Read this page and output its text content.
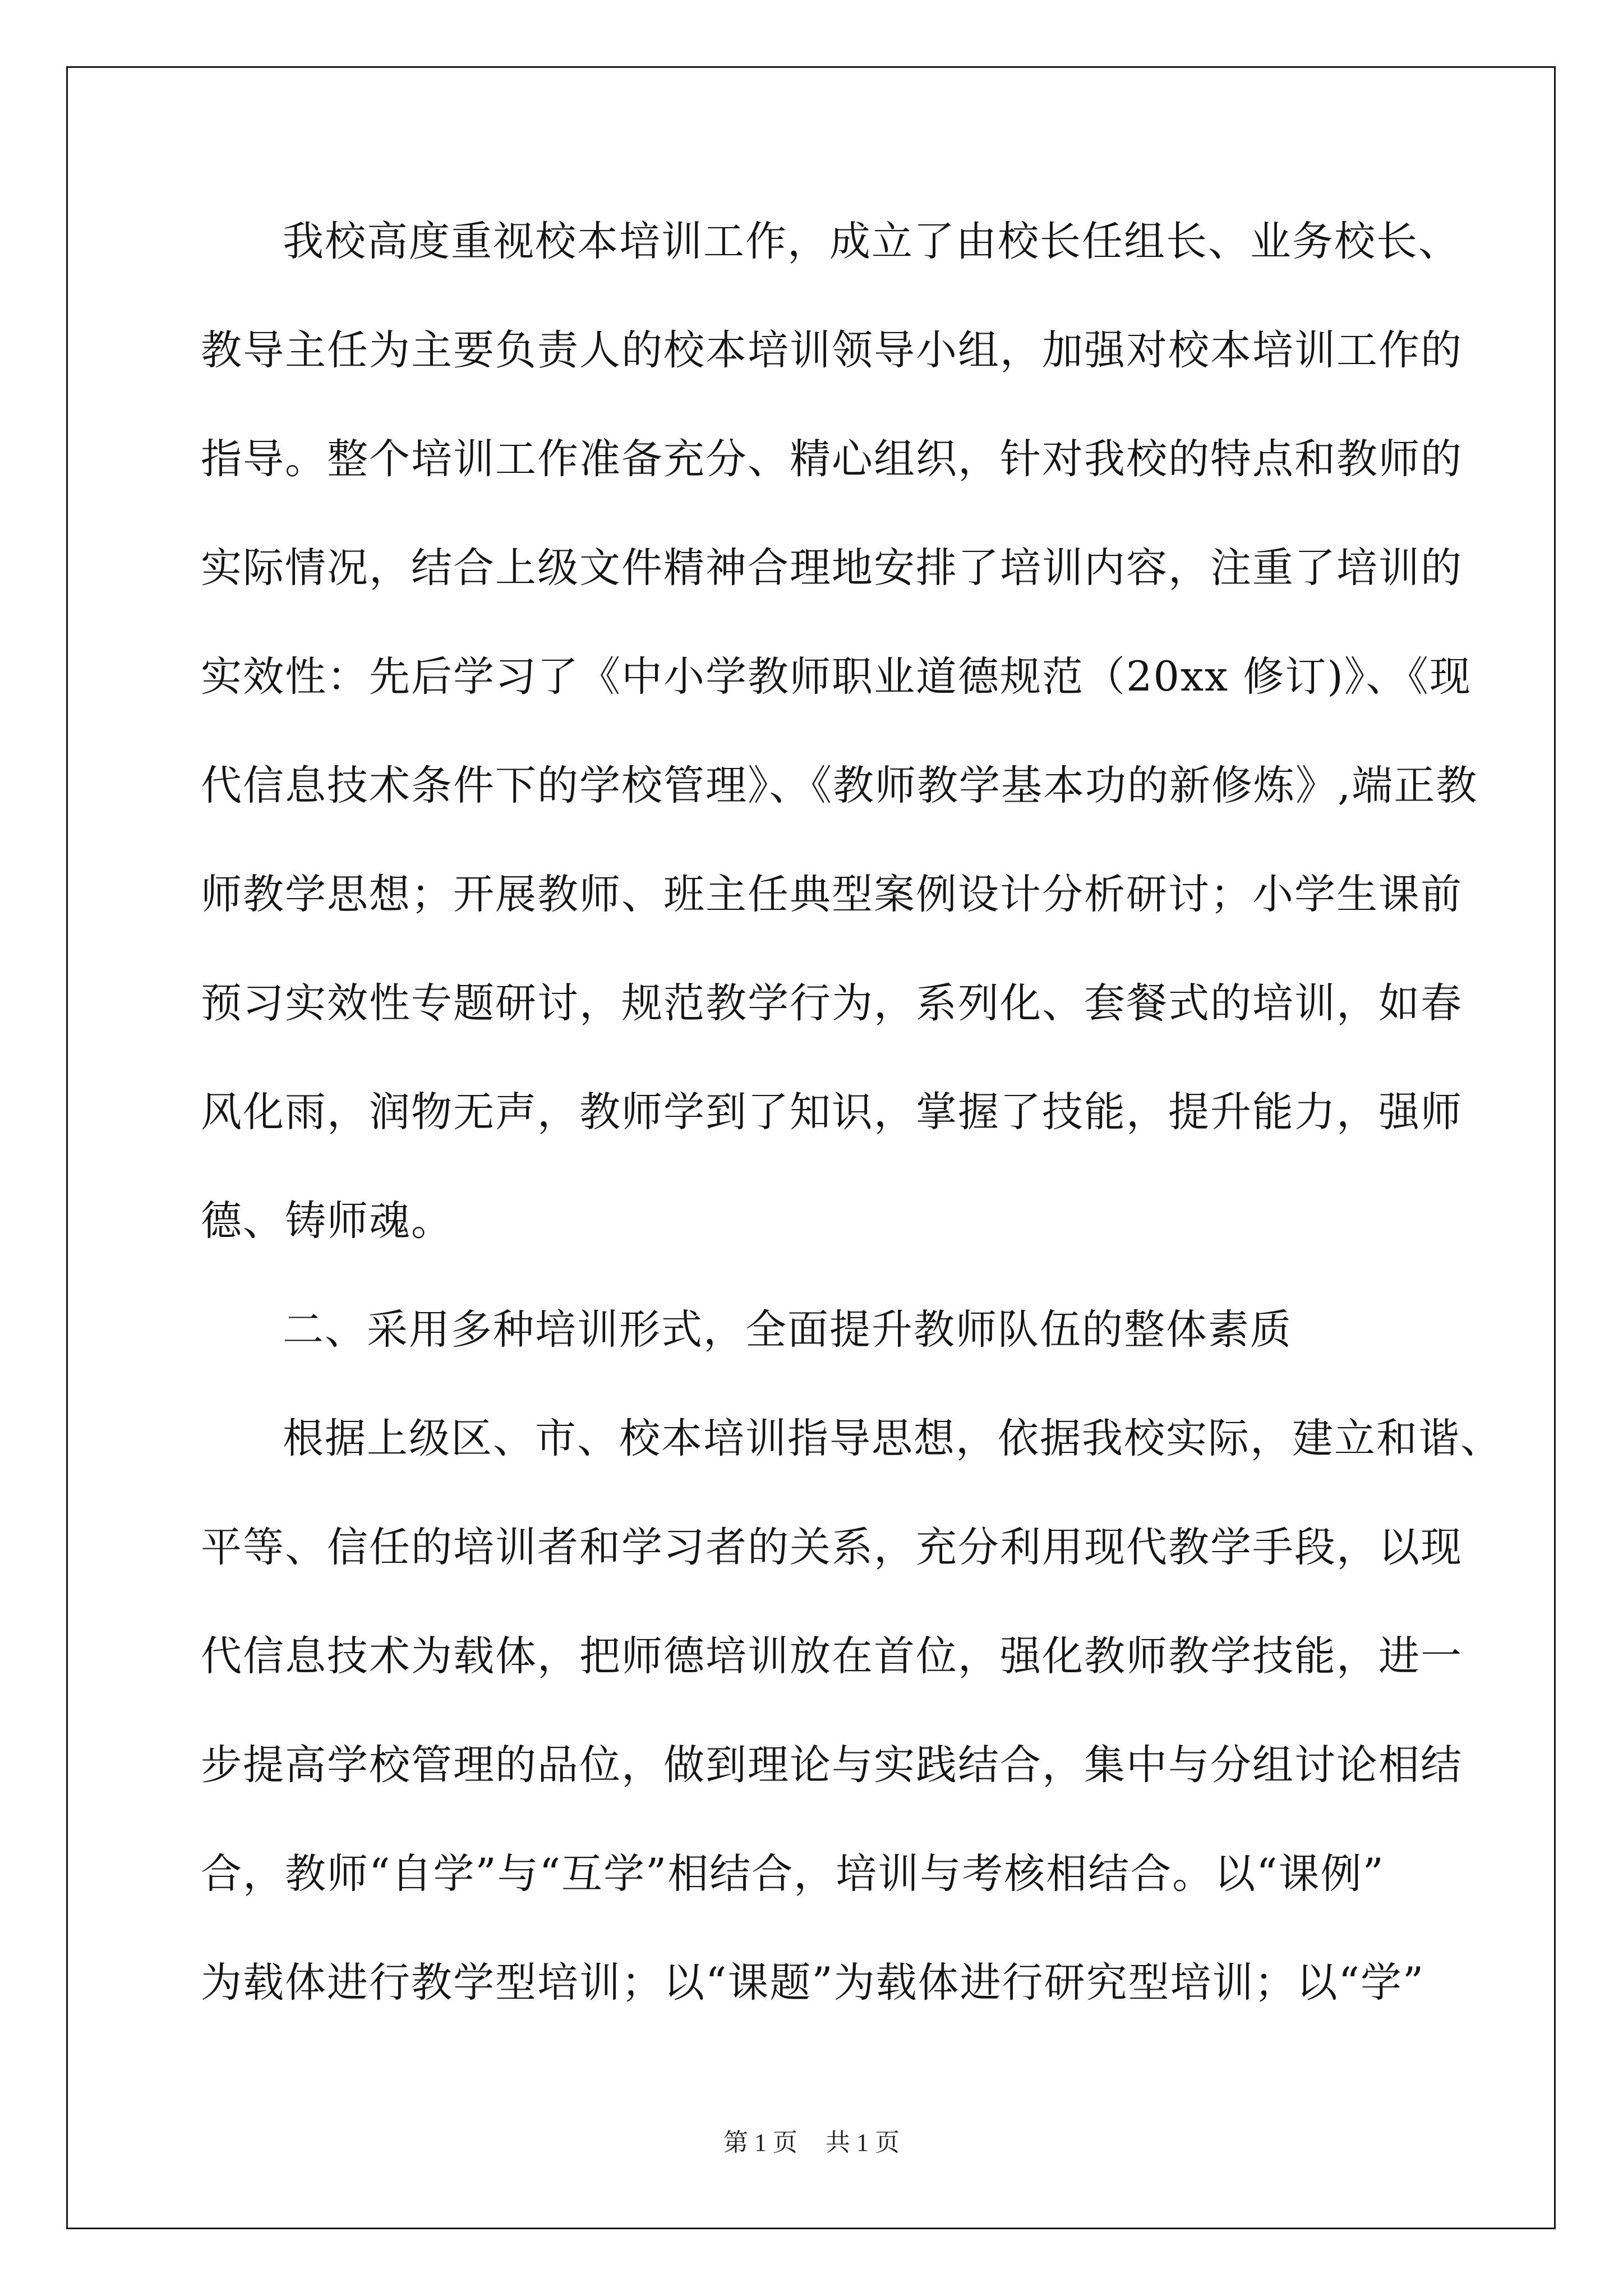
我校高度重视校本培训工作，成立了由校长任组长、业务校长、
教导主任为主要负责人的校本培训领导小组，加强对校本培训工作的
指导。整个培训工作准备充分、精心组织，针对我校的特点和教师的
实际情况，结合上级文件精神合理地安排了培训内容，注重了培训的
实效性：先后学习了《中小学教师职业道德规范（20xx 修订)》、《现
代信息技术条件下的学校管理》、《教师教学基本功的新修炼》,端正教
师教学思想；开展教师、班主任典型案例设计分析研讨；小学生课前
预习实效性专题研讨，规范教学行为，系列化、套餐式的培训，如春
风化雨，润物无声，教师学到了知识，掌握了技能，提升能力，强师
德、铸师魂。
二、采用多种培训形式，全面提升教师队伍的整体素质
根据上级区、市、校本培训指导思想，依据我校实际，建立和谐、
平等、信任的培训者和学习者的关系，充分利用现代教学手段，以现
代信息技术为载体，把师德培训放在首位，强化教师教学技能，进一
步提高学校管理的品位，做到理论与实践结合，集中与分组讨论相结
合，教师“自学”与“互学”相结合，培训与考核相结合。以“课例”
为载体进行教学型培训；以“课题”为载体进行研究型培训；以“学”
第 1 页 共 1 页
